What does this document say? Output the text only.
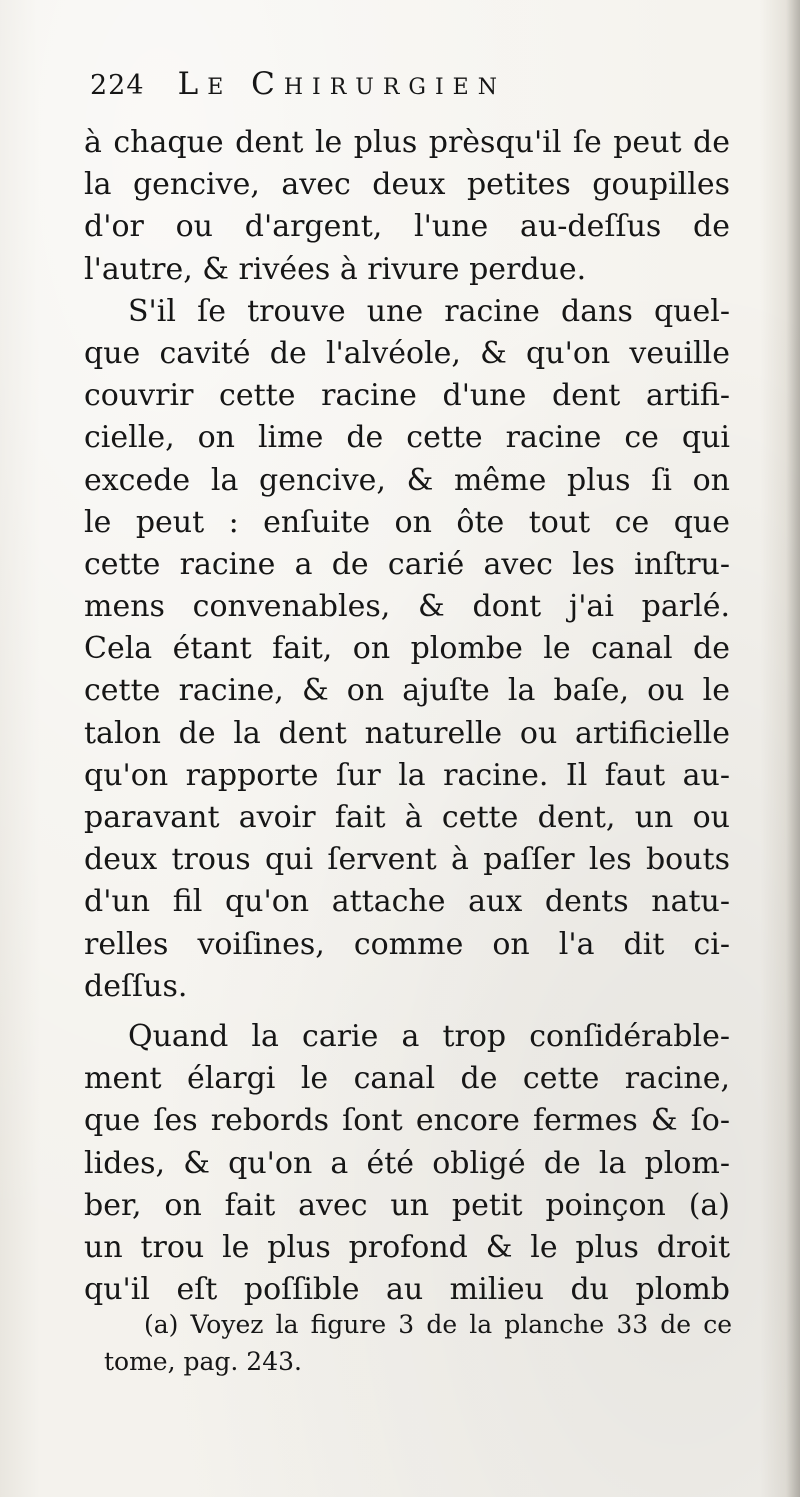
224 Le Chirurgien
à chaque dent le plus prèsqu'il ſe peut de
la gencive, avec deux petites goupilles
d'or ou d'argent, l'une au-deſſus de
l'autre, & rivées à rivure perdue.
S'il ſe trouve une racine dans quel-
que cavité de l'alvéole, & qu'on veuille
couvrir cette racine d'une dent artifi-
cielle, on lime de cette racine ce qui
excede la gencive, & même plus ſi on
le peut : enſuite on ôte tout ce que
cette racine a de carié avec les inſtru-
mens convenables, & dont j'ai parlé.
Cela étant fait, on plombe le canal de
cette racine, & on ajuſte la baſe, ou le
talon de la dent naturelle ou artificielle
qu'on rapporte ſur la racine. Il faut au-
paravant avoir fait à cette dent, un ou
deux trous qui ſervent à paſſer les bouts
d'un fil qu'on attache aux dents natu-
relles voiſines, comme on l'a dit ci-
deſſus.
Quand la carie a trop conſidérable-
ment élargi le canal de cette racine,
que ſes rebords ſont encore fermes & ſo-
lides, & qu'on a été obligé de la plom-
ber, on fait avec un petit poinçon (a)
un trou le plus profond & le plus droit
qu'il eſt poſſible au milieu du plomb
(a) Voyez la figure 3 de la planche 33 de ce
tome, pag. 243.
